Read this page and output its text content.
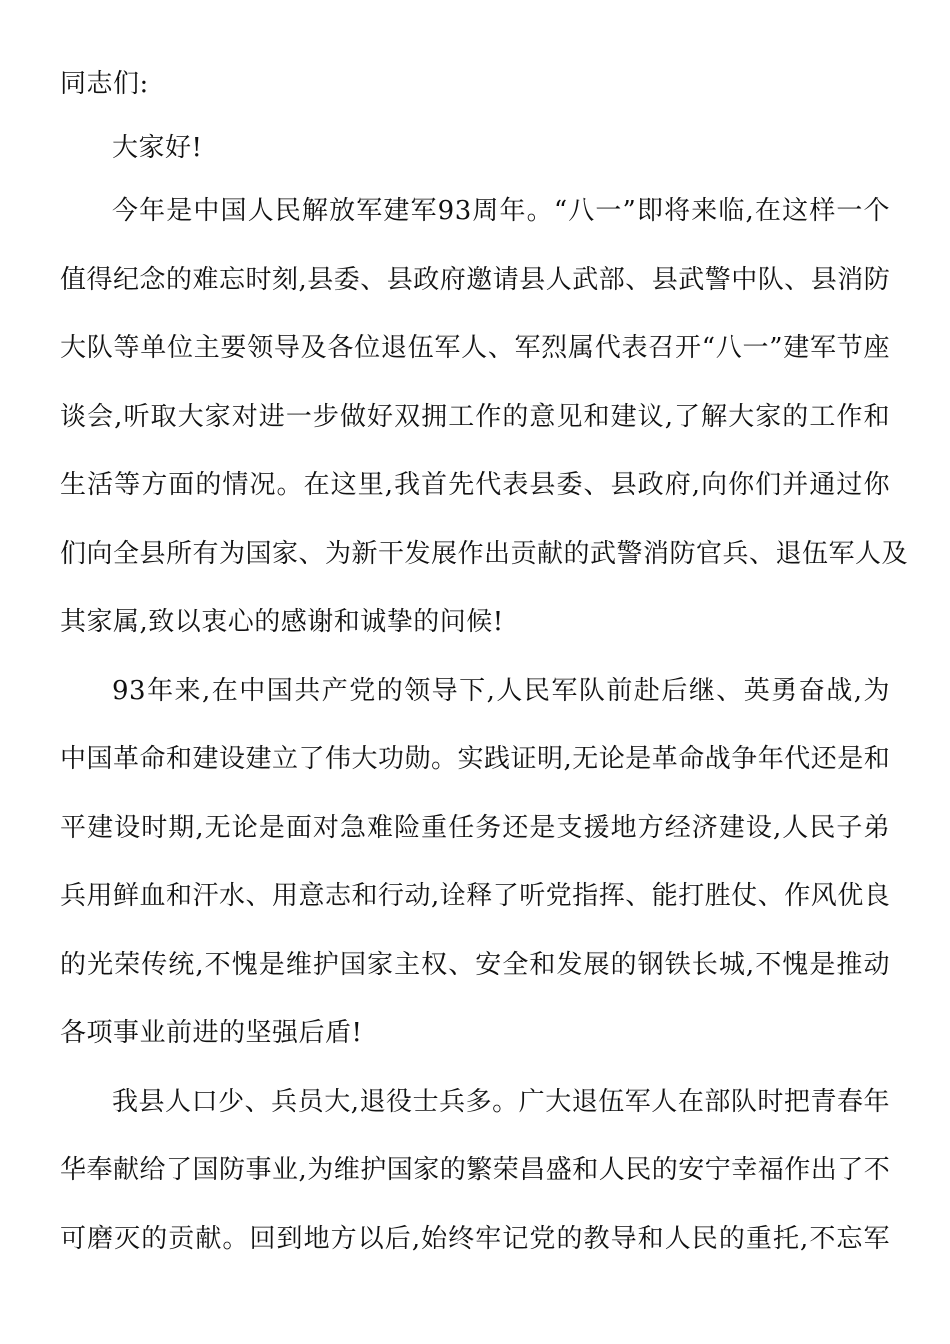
同志们:
大家好!
今年是中国人民解放军建军93周年。“八一”即将来临,在这样一个
值得纪念的难忘时刻,县委、县政府邀请县人武部、县武警中队、县消防
大队等单位主要领导及各位退伍军人、军烈属代表召开“八一”建军节座
谈会,听取大家对进一步做好双拥工作的意见和建议,了解大家的工作和
生活等方面的情况。在这里,我首先代表县委、县政府,向你们并通过你
们向全县所有为国家、为新干发展作出贡献的武警消防官兵、退伍军人及
其家属,致以衷心的感谢和诚挚的问候!
93年来,在中国共产党的领导下,人民军队前赴后继、英勇奋战,为
中国革命和建设建立了伟大功勋。实践证明,无论是革命战争年代还是和
平建设时期,无论是面对急难险重任务还是支援地方经济建设,人民子弟
兵用鲜血和汗水、用意志和行动,诠释了听党指挥、能打胜仗、作风优良
的光荣传统,不愧是维护国家主权、安全和发展的钢铁长城,不愧是推动
各项事业前进的坚强后盾!
我县人口少、兵员大,退役士兵多。广大退伍军人在部队时把青春年
华奉献给了国防事业,为维护国家的繁荣昌盛和人民的安宁幸福作出了不
可磨灭的贡献。回到地方以后,始终牢记党的教导和人民的重托,不忘军
